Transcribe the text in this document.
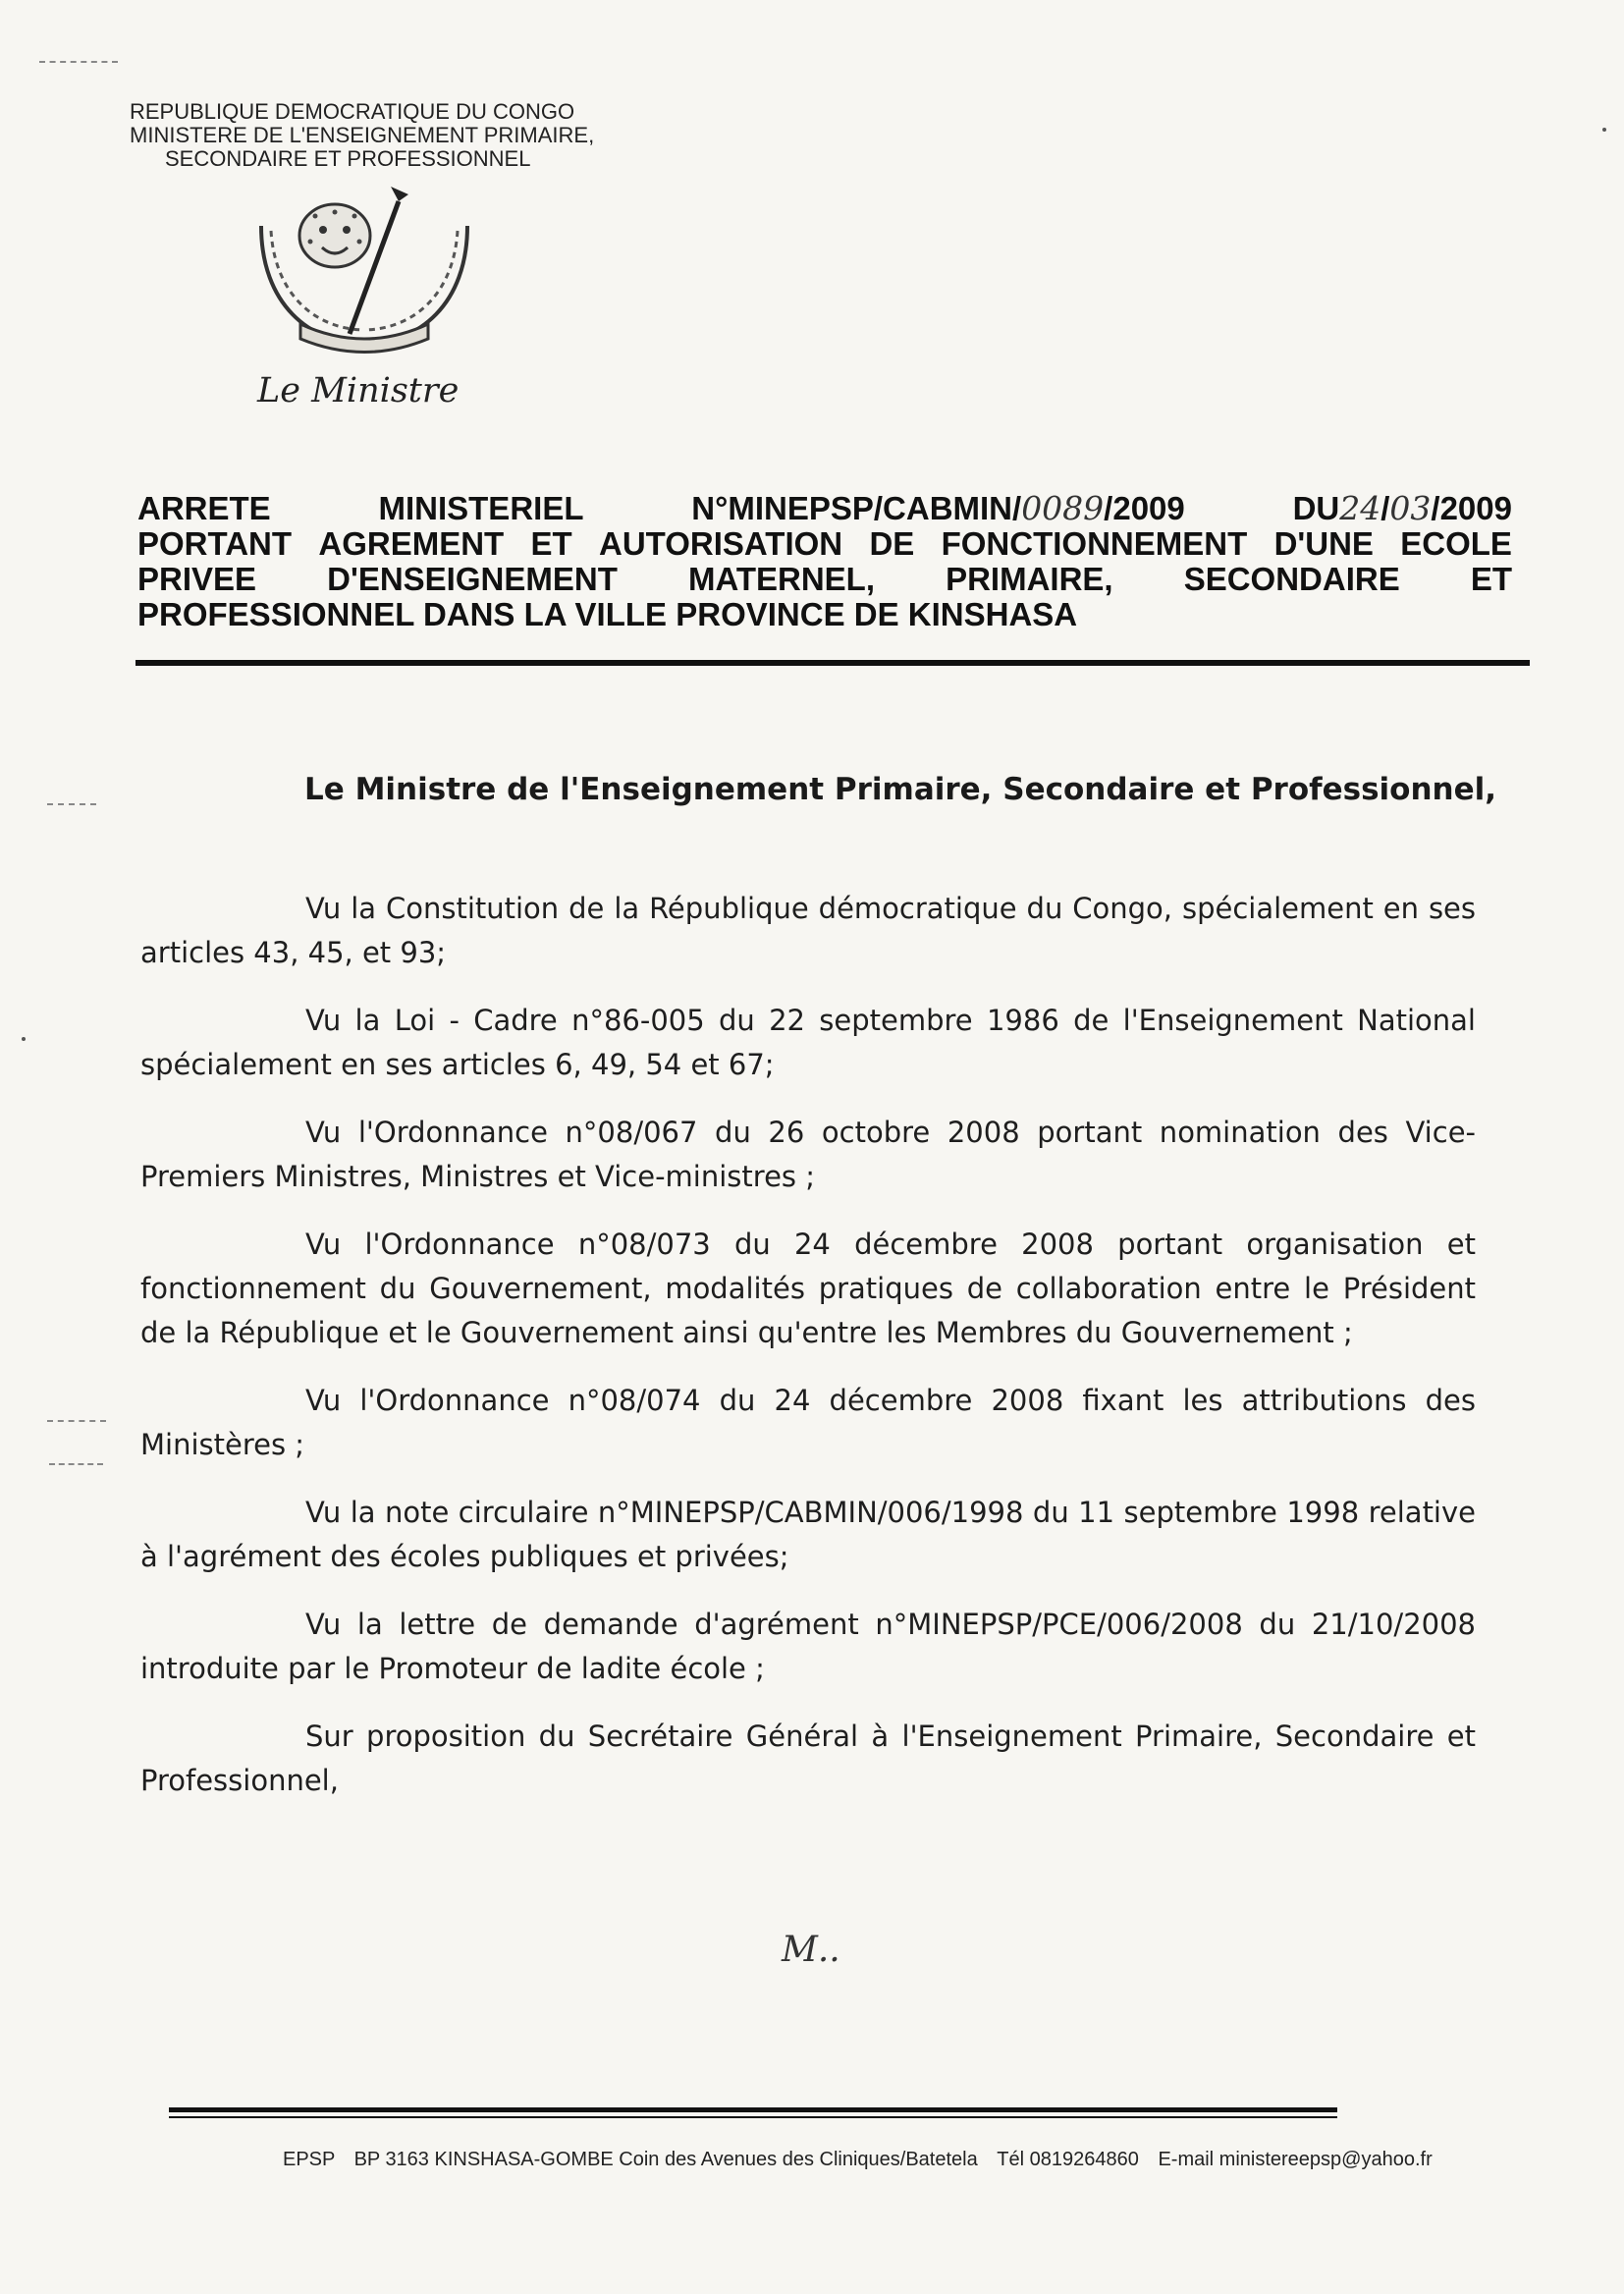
REPUBLIQUE DEMOCRATIQUE DU CONGO
MINISTERE DE L'ENSEIGNEMENT PRIMAIRE,
SECONDAIRE ET PROFESSIONNEL
Le Ministre
ARRETE	MINISTERIEL	N°MINEPSP/CABMIN/0089/2009	DU24/03/2009
PORTANT AGREMENT ET AUTORISATION DE FONCTIONNEMENT D'UNE ECOLE
PRIVEE D'ENSEIGNEMENT MATERNEL, PRIMAIRE, SECONDAIRE ET
PROFESSIONNEL DANS LA VILLE PROVINCE DE KINSHASA
Le Ministre de l'Enseignement Primaire, Secondaire et Professionnel,

Vu la Constitution de la République démocratique du Congo, spécialement en ses articles 43, 45, et 93;

Vu la Loi - Cadre n°86-005 du 22 septembre 1986 de l'Enseignement National spécialement en ses articles 6, 49, 54 et 67;

Vu l'Ordonnance n°08/067 du 26 octobre 2008 portant nomination des Vice-Premiers Ministres, Ministres et Vice-ministres ;

Vu l'Ordonnance n°08/073 du 24 décembre 2008 portant organisation et fonctionnement du Gouvernement, modalités pratiques de collaboration entre le Président de la République et le Gouvernement ainsi qu'entre les Membres du Gouvernement ;

Vu l'Ordonnance n°08/074 du 24 décembre 2008 fixant les attributions des Ministères ;

Vu la note circulaire n°MINEPSP/CABMIN/006/1998 du 11 septembre 1998 relative à l'agrément des écoles publiques et privées;

Vu la lettre de demande d'agrément n°MINEPSP/PCE/006/2008 du 21/10/2008 introduite par le Promoteur de ladite école ;

Sur proposition du Secrétaire Général à l'Enseignement Primaire, Secondaire et Professionnel,

M..
EPSP BP 3163 KINSHASA-GOMBE Coin des Avenues des Cliniques/Batetela Tél 0819264860 E-mail ministereepsp@yahoo.fr
